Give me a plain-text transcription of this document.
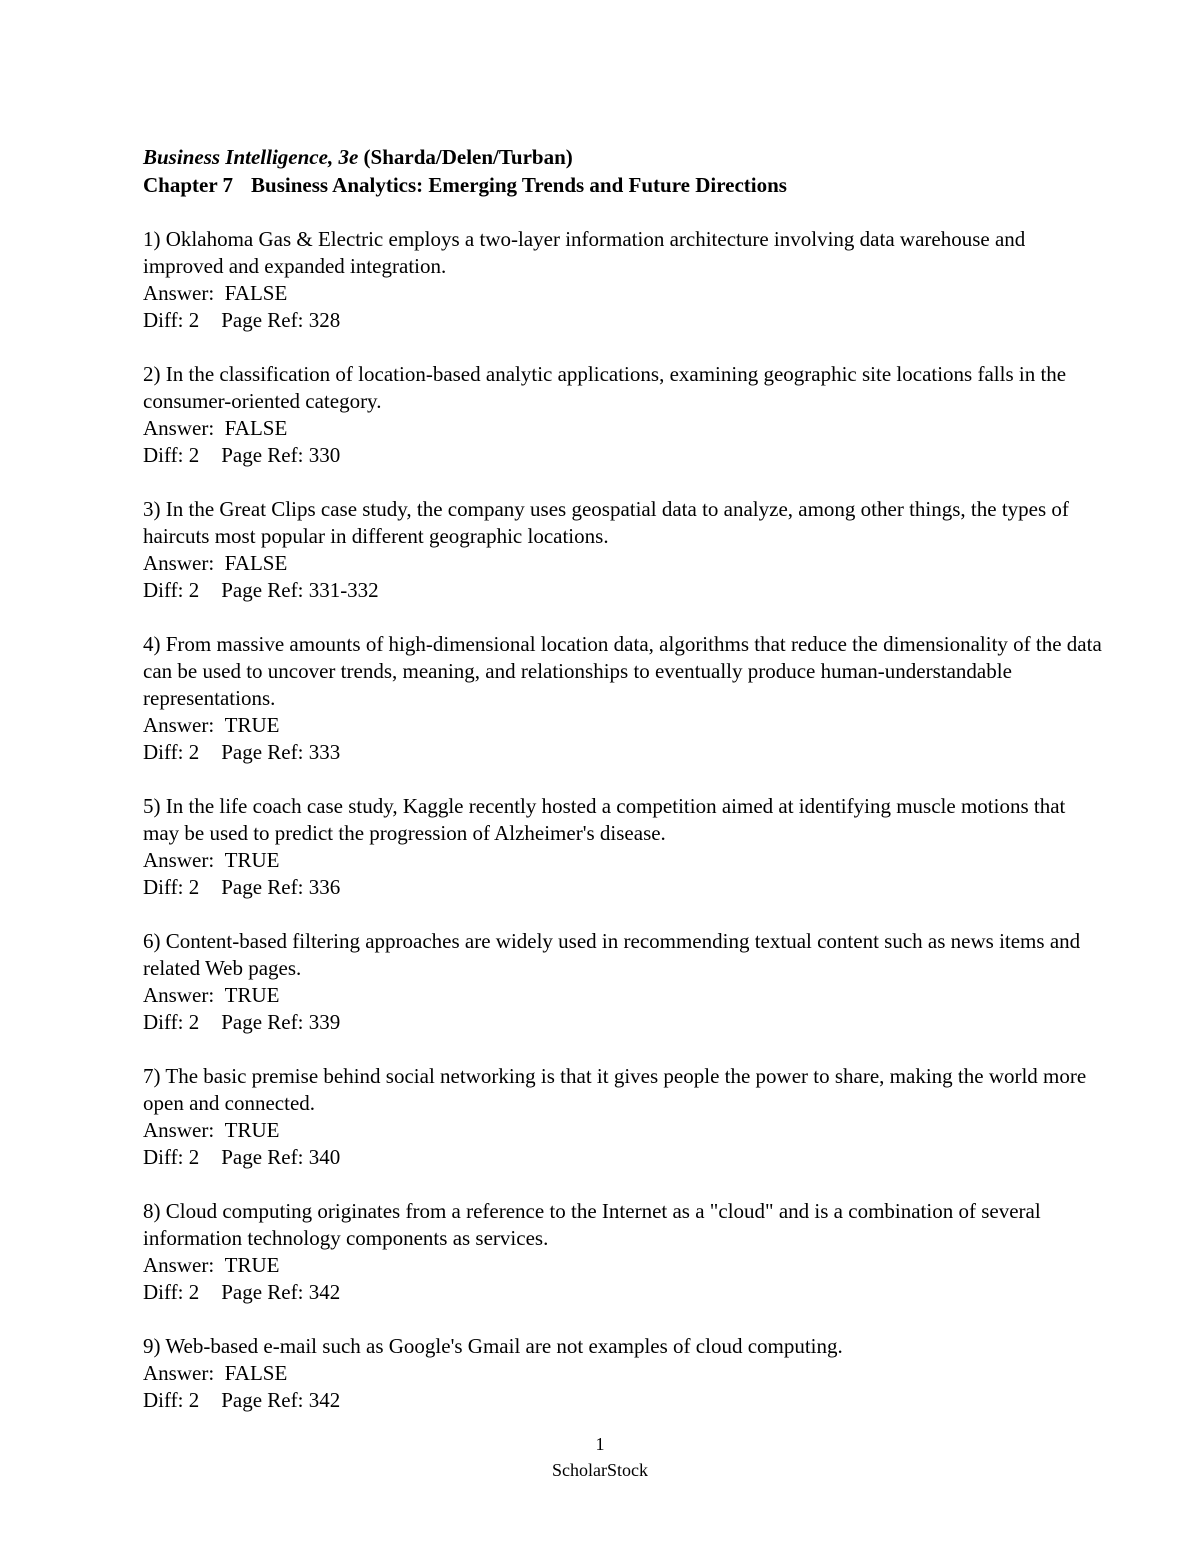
Business Intelligence, 3e (Sharda/Delen/Turban)
Chapter 7 Business Analytics: Emerging Trends and Future Directions
1) Oklahoma Gas & Electric employs a two-layer information architecture involving data warehouse and improved and expanded integration.
Answer: FALSE
Diff: 2 Page Ref: 328
2) In the classification of location-based analytic applications, examining geographic site locations falls in the consumer-oriented category.
Answer: FALSE
Diff: 2 Page Ref: 330
3) In the Great Clips case study, the company uses geospatial data to analyze, among other things, the types of haircuts most popular in different geographic locations.
Answer: FALSE
Diff: 2 Page Ref: 331-332
4) From massive amounts of high-dimensional location data, algorithms that reduce the dimensionality of the data can be used to uncover trends, meaning, and relationships to eventually produce human-understandable representations.
Answer: TRUE
Diff: 2 Page Ref: 333
5) In the life coach case study, Kaggle recently hosted a competition aimed at identifying muscle motions that may be used to predict the progression of Alzheimer's disease.
Answer: TRUE
Diff: 2 Page Ref: 336
6) Content-based filtering approaches are widely used in recommending textual content such as news items and related Web pages.
Answer: TRUE
Diff: 2 Page Ref: 339
7) The basic premise behind social networking is that it gives people the power to share, making the world more open and connected.
Answer: TRUE
Diff: 2 Page Ref: 340
8) Cloud computing originates from a reference to the Internet as a "cloud" and is a combination of several information technology components as services.
Answer: TRUE
Diff: 2 Page Ref: 342
9) Web-based e-mail such as Google's Gmail are not examples of cloud computing.
Answer: FALSE
Diff: 2 Page Ref: 342
1
ScholarStock
